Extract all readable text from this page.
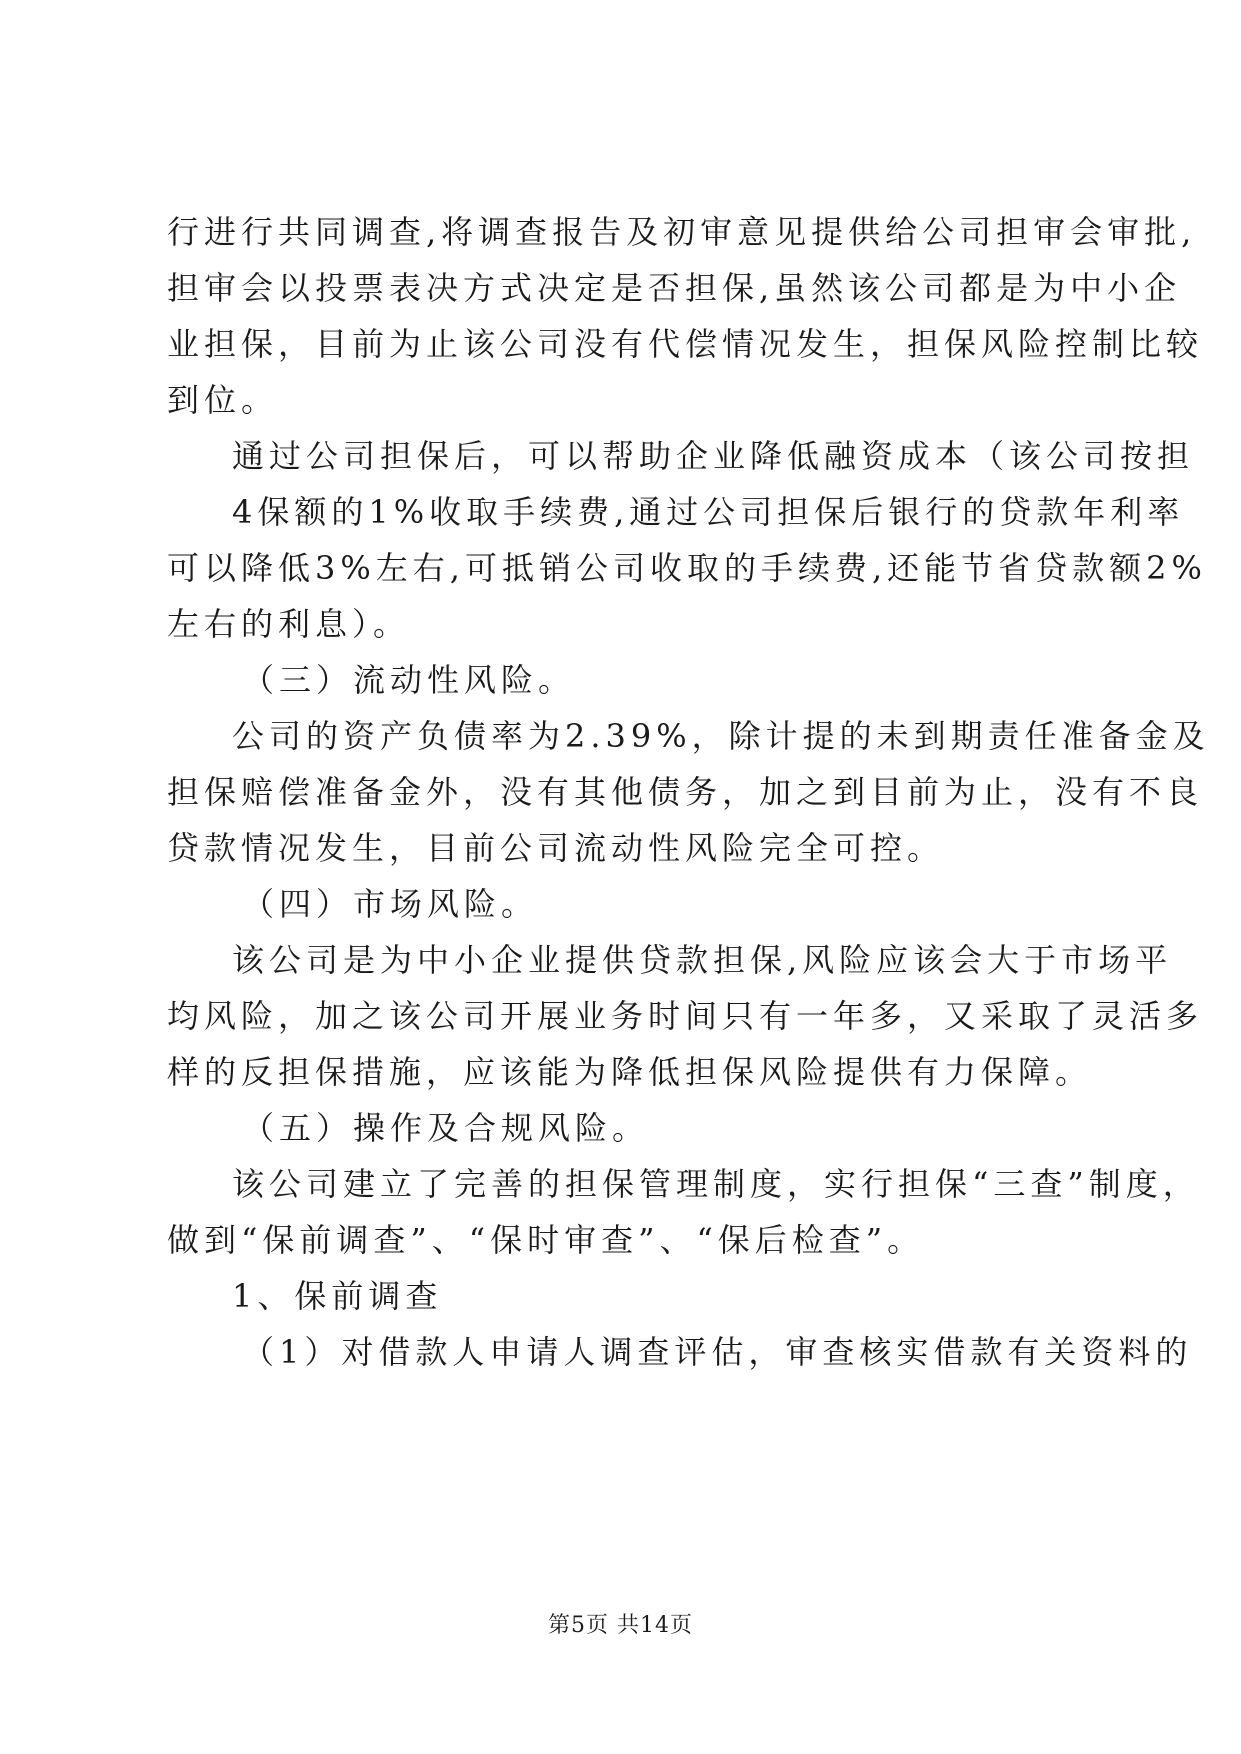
行进行共同调查,将调查报告及初审意见提供给公司担审会审批,
担审会以投票表决方式决定是否担保,虽然该公司都是为中小企
业担保，目前为止该公司没有代偿情况发生，担保风险控制比较
到位。
通过公司担保后，可以帮助企业降低融资成本（该公司按担
4保额的1%收取手续费,通过公司担保后银行的贷款年利率
可以降低3%左右,可抵销公司收取的手续费,还能节省贷款额2%
左右的利息）。
（三）流动性风险。
公司的资产负债率为2.39%，除计提的未到期责任准备金及
担保赔偿准备金外，没有其他债务，加之到目前为止，没有不良
贷款情况发生，目前公司流动性风险完全可控。
（四）市场风险。
该公司是为中小企业提供贷款担保,风险应该会大于市场平
均风险，加之该公司开展业务时间只有一年多，又采取了灵活多
样的反担保措施，应该能为降低担保风险提供有力保障。
（五）操作及合规风险。
该公司建立了完善的担保管理制度，实行担保“三查”制度，
做到“保前调查”、“保时审查”、“保后检查”。
1、保前调查
（1）对借款人申请人调查评估，审查核实借款有关资料的
第5页 共14页
